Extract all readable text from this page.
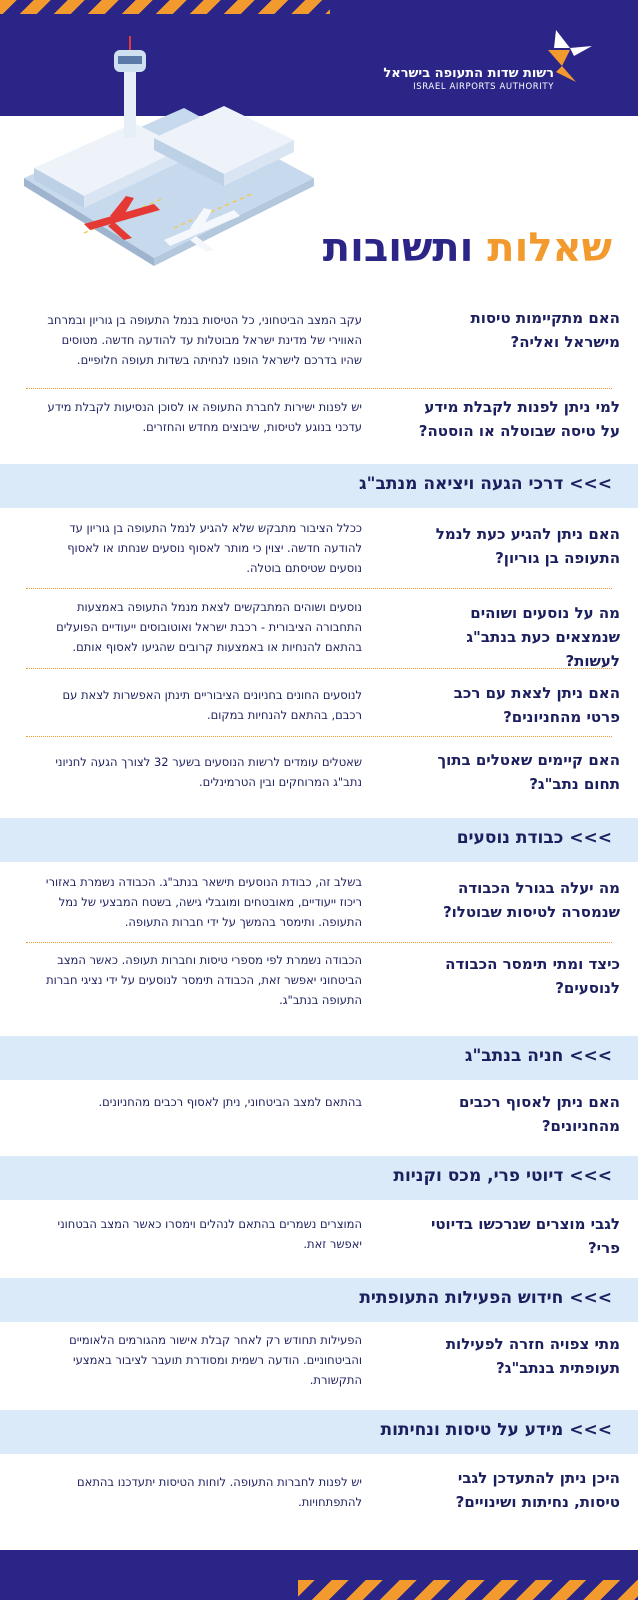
רשות שדות התעופה בישראל
ISRAEL AIRPORTS AUTHORITY
שאלות ותשובות
האם מתקיימות טיסות מישראל ואליה?
עקב המצב הביטחוני, כל הטיסות בנמל התעופה בן גוריון ובמרחב האווירי של מדינת ישראל מבוטלות עד להודעה חדשה. מטוסים שהיו בדרכם לישראל הופנו לנחיתה בשדות תעופה חלופיים.
למי ניתן לפנות לקבלת מידע על טיסה שבוטלה או הוסטה?
יש לפנות ישירות לחברת התעופה או לסוכן הנסיעות לקבלת מידע עדכני בנוגע לטיסות, שיבוצים מחדש והחזרים.
>>> דרכי הגעה ויציאה מנתב"ג
האם ניתן להגיע כעת לנמל התעופה בן גוריון?
ככלל הציבור מתבקש שלא להגיע לנמל התעופה בן גוריון עד להודעה חדשה. יצוין כי מותר לאסוף נוסעים שנחתו או לאסוף נוסעים שטיסתם בוטלה.
מה על נוסעים ושוהים שנמצאים כעת בנתב"ג לעשות?
נוסעים ושוהים המתבקשים לצאת מנמל התעופה באמצעות התחבורה הציבורית - רכבת ישראל ואוטובוסים ייעודיים הפועלים בהתאם להנחיות או באמצעות קרובים שהגיעו לאסוף אותם.
האם ניתן לצאת עם רכב פרטי מהחניונים?
לנוסעים החונים בחניונים הציבוריים תינתן האפשרות לצאת עם רכבם, בהתאם להנחיות במקום.
האם קיימים שאטלים בתוך תחום נתב"ג?
שאטלים עומדים לרשות הנוסעים בשער 32 לצורך הגעה לחניוני נתב"ג המרוחקים ובין הטרמינלים.
>>> כבודת נוסעים
מה יעלה בגורל הכבודה שנמסרה לטיסות שבוטלו?
בשלב זה, כבודת הנוסעים תישאר בנתב"ג. הכבודה נשמרת באזורי ריכוז ייעודיים, מאובטחים ומוגבלי גישה, בשטח המבצעי של נמל התעופה. ותימסר בהמשך על ידי חברות התעופה.
כיצד ומתי תימסר הכבודה לנוסעים?
הכבודה נשמרת לפי מספרי טיסות וחברות תעופה. כאשר המצב הביטחוני יאפשר זאת, הכבודה תימסר לנוסעים על ידי נציגי חברות התעופה בנתב"ג.
>>> חניה בנתב"ג
האם ניתן לאסוף רכבים מהחניונים?
בהתאם למצב הביטחוני, ניתן לאסוף רכבים מהחניונים.
>>> דיוטי פרי, מכס וקניות
לגבי מוצרים שנרכשו בדיוטי פרי?
המוצרים נשמרים בהתאם לנהלים וימסרו כאשר המצב הבטחוני יאפשר זאת.
>>> חידוש הפעילות התעופתית
מתי צפויה חזרה לפעילות תעופתית בנתב"ג?
הפעילות תחודש רק לאחר קבלת אישור מהגורמים הלאומיים והביטחוניים. הודעה רשמית ומסודרת תועבר לציבור באמצעי התקשורת.
>>> מידע על טיסות ונחיתות
היכן ניתן להתעדכן לגבי טיסות, נחיתות ושינויים?
יש לפנות לחברות התעופה. לוחות הטיסות יתעדכנו בהתאם להתפתחויות.
